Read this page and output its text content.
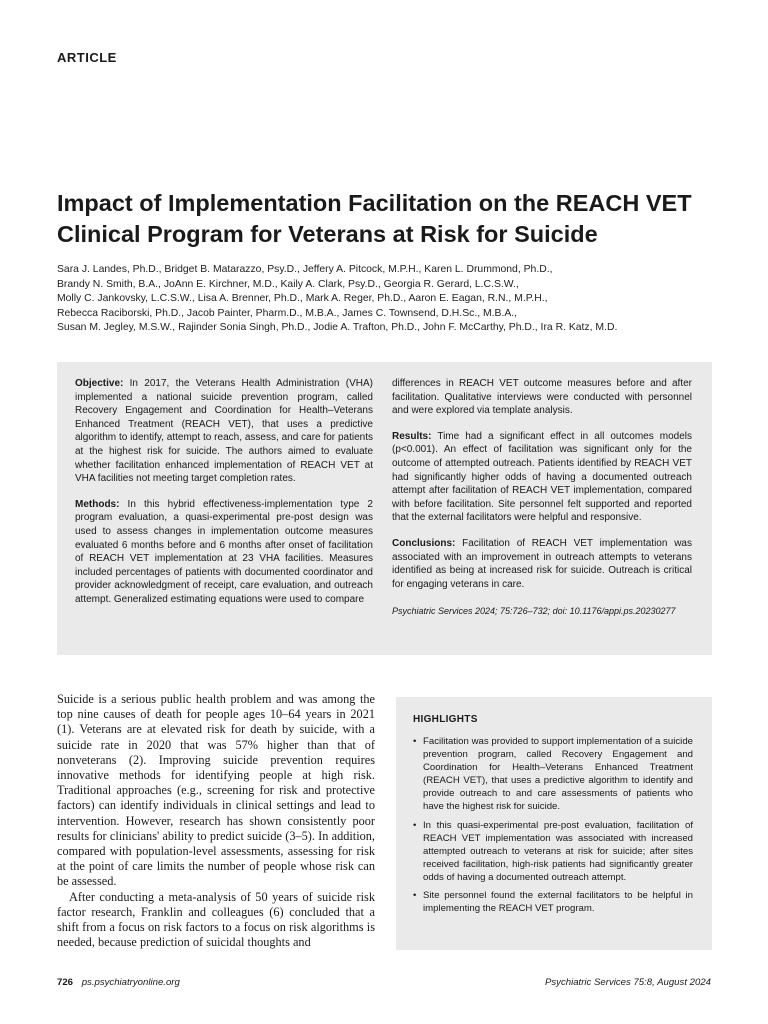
ARTICLE
Impact of Implementation Facilitation on the REACH VET Clinical Program for Veterans at Risk for Suicide
Sara J. Landes, Ph.D., Bridget B. Matarazzo, Psy.D., Jeffery A. Pitcock, M.P.H., Karen L. Drummond, Ph.D.,
Brandy N. Smith, B.A., JoAnn E. Kirchner, M.D., Kaily A. Clark, Psy.D., Georgia R. Gerard, L.C.S.W.,
Molly C. Jankovsky, L.C.S.W., Lisa A. Brenner, Ph.D., Mark A. Reger, Ph.D., Aaron E. Eagan, R.N., M.P.H.,
Rebecca Raciborski, Ph.D., Jacob Painter, Pharm.D., M.B.A., James C. Townsend, D.H.Sc., M.B.A.,
Susan M. Jegley, M.S.W., Rajinder Sonia Singh, Ph.D., Jodie A. Trafton, Ph.D., John F. McCarthy, Ph.D., Ira R. Katz, M.D.

Objective: In 2017, the Veterans Health Administration (VHA) implemented a national suicide prevention program, called Recovery Engagement and Coordination for Health–Veterans Enhanced Treatment (REACH VET), that uses a predictive algorithm to identify, attempt to reach, assess, and care for patients at the highest risk for suicide. The authors aimed to evaluate whether facilitation enhanced implementation of REACH VET at VHA facilities not meeting target completion rates.

Methods: In this hybrid effectiveness-implementation type 2 program evaluation, a quasi-experimental pre-post design was used to assess changes in implementation outcome measures evaluated 6 months before and 6 months after onset of facilitation of REACH VET implementation at 23 VHA facilities. Measures included percentages of patients with documented coordinator and provider acknowledgment of receipt, care evaluation, and outreach attempt. Generalized estimating equations were used to compare

differences in REACH VET outcome measures before and after facilitation. Qualitative interviews were conducted with personnel and were explored via template analysis.

Results: Time had a significant effect in all outcomes models (p<0.001). An effect of facilitation was significant only for the outcome of attempted outreach. Patients identified by REACH VET had significantly higher odds of having a documented outreach attempt after facilitation of REACH VET implementation, compared with before facilitation. Site personnel felt supported and reported that the external facilitators were helpful and responsive.

Conclusions: Facilitation of REACH VET implementation was associated with an improvement in outreach attempts to veterans identified as being at increased risk for suicide. Outreach is critical for engaging veterans in care.

Psychiatric Services 2024; 75:726–732; doi: 10.1176/appi.ps.20230277

Suicide is a serious public health problem and was among the top nine causes of death for people ages 10–64 years in 2021 (1). Veterans are at elevated risk for death by suicide, with a suicide rate in 2020 that was 57% higher than that of nonveterans (2). Improving suicide prevention requires innovative methods for identifying people at high risk. Traditional approaches (e.g., screening for risk and protective factors) can identify individuals in clinical settings and lead to intervention. However, research has shown consistently poor results for clinicians' ability to predict suicide (3–5). In addition, compared with population-level assessments, assessing for risk at the point of care limits the number of people whose risk can be assessed.

After conducting a meta-analysis of 50 years of suicide risk factor research, Franklin and colleagues (6) concluded that a shift from a focus on risk factors to a focus on risk algorithms is needed, because prediction of suicidal thoughts and

HIGHLIGHTS
• Facilitation was provided to support implementation of a suicide prevention program, called Recovery Engagement and Coordination for Health–Veterans Enhanced Treatment (REACH VET), that uses a predictive algorithm to identify and provide outreach to and care assessments of patients who have the highest risk for suicide.
• In this quasi-experimental pre-post evaluation, facilitation of REACH VET implementation was associated with increased attempted outreach to veterans at risk for suicide; after sites received facilitation, high-risk patients had significantly greater odds of having a documented outreach attempt.
• Site personnel found the external facilitators to be helpful in implementing the REACH VET program.
726 ps.psychiatryonline.org	Psychiatric Services 75:8, August 2024
